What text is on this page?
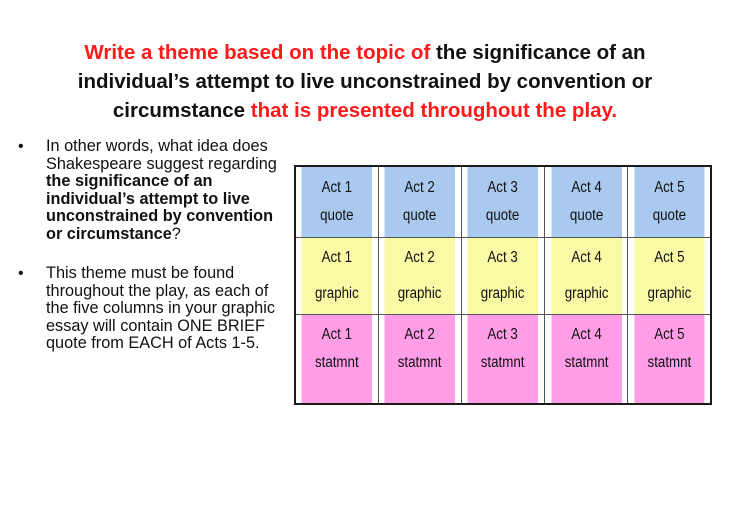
Write a theme based on the topic of the significance of an individual’s attempt to live unconstrained by convention or circumstance that is presented throughout the play.
• In other words, what idea does Shakespeare suggest regarding the significance of an individual’s attempt to live unconstrained by convention or circumstance?
• This theme must be found throughout the play, as each of the five columns in your graphic essay will contain ONE BRIEF quote from EACH of Acts 1-5.
Act 1
quote	Act 2
quote	Act 3
quote	Act 4
quote	Act 5
quote

Act 1
graphic	Act 2
graphic	Act 3
graphic	Act 4
graphic	Act 5
graphic

Act 1
statmnt	Act 2
statmnt	Act 3
statmnt	Act 4
statmnt	Act 5
statmnt
